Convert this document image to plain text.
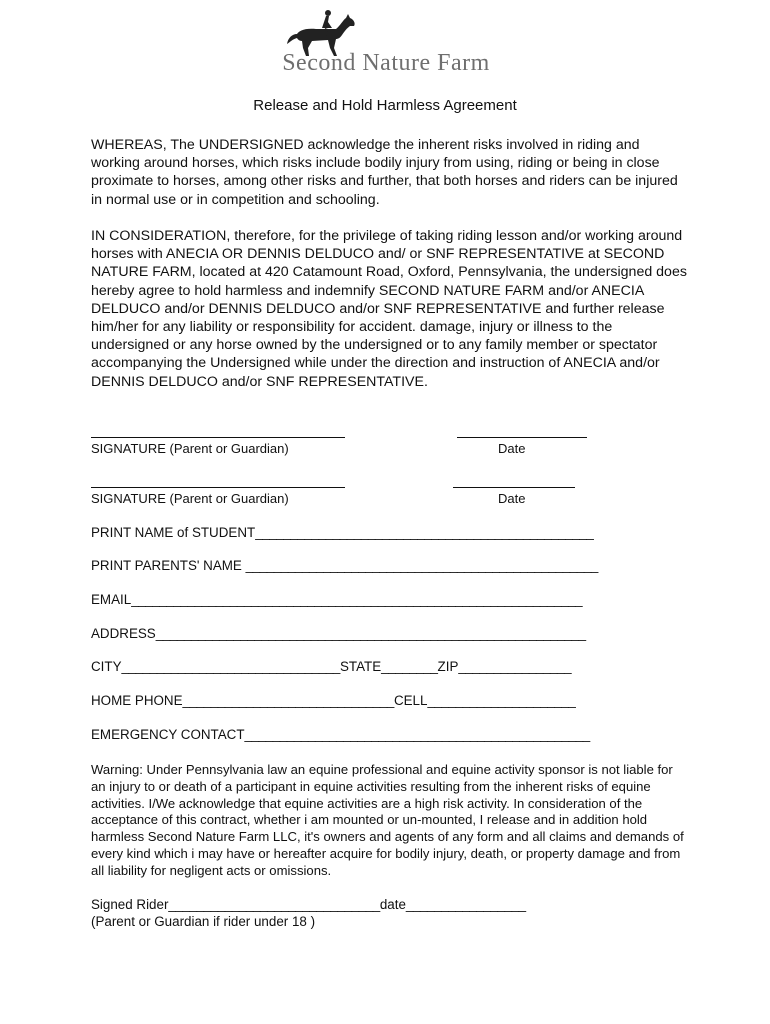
Second Nature Farm
Release and Hold Harmless Agreement

WHEREAS, The UNDERSIGNED acknowledge the inherent risks involved in riding and working around horses, which risks include bodily injury from using, riding or being in close proximate to horses, among other risks and further, that both horses and riders can be injured in normal use or in competition and schooling.

IN CONSIDERATION, therefore, for the privilege of taking riding lesson and/or working around horses with ANECIA OR DENNIS DELDUCO and/ or SNF REPRESENTATIVE at SECOND NATURE FARM, located at 420 Catamount Road, Oxford, Pennsylvania, the undersigned does hereby agree to hold harmless and indemnify SECOND NATURE FARM and/or ANECIA DELDUCO and/or DENNIS DELDUCO and/or SNF REPRESENTATIVE and further release him/her for any liability or responsibility for accident. damage, injury or illness to the undersigned or any horse owned by the undersigned or to any family member or spectator accompanying the Undersigned while under the direction and instruction of ANECIA and/or DENNIS DELDUCO and/or SNF REPRESENTATIVE.

SIGNATURE (Parent or Guardian)	Date
SIGNATURE (Parent or Guardian)	Date
PRINT NAME of STUDENT________________________________________________
PRINT PARENTS' NAME __________________________________________________
EMAIL________________________________________________________________
ADDRESS_____________________________________________________________
CITY_______________________________STATE________ZIP________________
HOME PHONE______________________________CELL_____________________
EMERGENCY CONTACT_________________________________________________

Warning: Under Pennsylvania law an equine professional and equine activity sponsor is not liable for an injury to or death of a participant in equine activities resulting from the inherent risks of equine activities. I/We acknowledge that equine activities are a high risk activity. In consideration of the acceptance of this contract, whether i am mounted or un-mounted, I release and in addition hold harmless Second Nature Farm LLC, it's owners and agents of any form and all claims and demands of every kind which i may have or hereafter acquire for bodily injury, death, or property damage and from all liability for negligent acts or omissions.

Signed Rider______________________________date_________________
(Parent or Guardian if rider under 18 )
